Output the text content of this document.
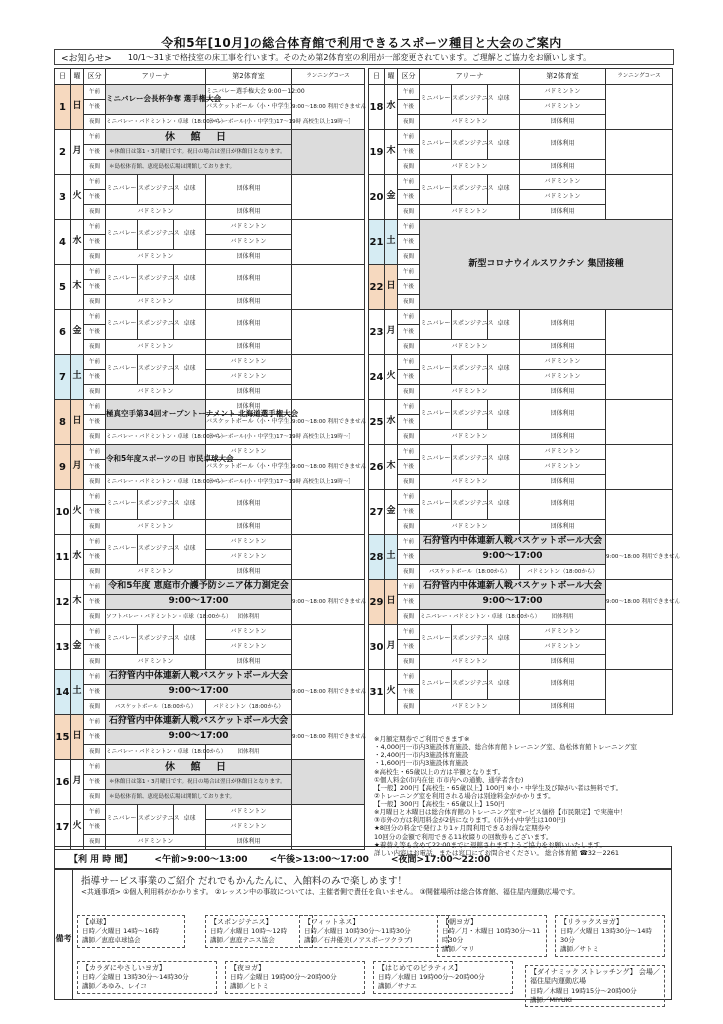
令和5年[10月]の総合体育館で利用できるスポーツ種目と大会のご案内
<お知らせ> 10/1～31まで格技室の床工事を行います。そのため第2体育室の利用が一部変更されています。ご理解とご協力をお願いします。
日	曜	区分	アリーナ			第2体育室	ランニングコース
1	日	午前	ミニバレー会長杯争奪 選手権大会			ミニバレー選手権大会 9:00～12:00	9:00～18:00 利用できません
		午後				バスケットボール（小・中学生）	
		夜間	ミニバレー・バドミントン・卓球（18:00から）			［バレーボール(小・中学生)17～19時 高校生以上19時～］	
2	月	午前	休 館 日				
		午後	＊休館日は第1・3月曜日です。祝日の場合は翌日が休館日となります。				
		夜間	＊島松体育館、恵庭島松広場は開館しております。				
3	火	午前	ミニバレー	スポンジテニス	卓球	団体利用	
		午後					
		夜間	バドミントン			団体利用	
4	水	午前	ミニバレー	スポンジテニス	卓球	バドミントン	
		午後				バドミントン	
		夜間	バドミントン			団体利用	
5	木	午前	ミニバレー	スポンジテニス	卓球	団体利用	
		午後					
		夜間	バドミントン			団体利用	
6	金	午前	ミニバレー	スポンジテニス	卓球	団体利用	
		午後					
		夜間	バドミントン			団体利用	
7	土	午前	ミニバレー	スポンジテニス	卓球	バドミントン	
		午後				バドミントン	
		夜間	バドミントン			団体利用	
8	日	午前	極真空手第34回オープントーナメント 北海道選手権大会			団体利用	9:00～18:00 利用できません
		午後				バスケットボール（小・中学生）	
		夜間	ミニバレー・バドミントン・卓球（18:00から）			［バレーボール(小・中学生)17～19時 高校生以上19時～］	
9	月	午前	令和5年度スポーツの日 市民卓球大会			バドミントン	9:00～18:00 利用できません
		午後				バスケットボール（小・中学生）	
		夜間	ミニバレー・バドミントン・卓球（18:00から）			［バレーボール(小・中学生)17～19時 高校生以上19時～］	
10	火	午前	ミニバレー	スポンジテニス	卓球	団体利用	
		午後					
		夜間	バドミントン			団体利用	
11	水	午前	ミニバレー	スポンジテニス	卓球	バドミントン	
		午後				バドミントン	
		夜間	バドミントン			団体利用	
12	木	午前	令和5年度 恵庭市介護予防シニア体力測定会				9:00～18:00 利用できません
		午後	9:00～17:00				
		夜間	ソフトバレー・バドミントン・卓球（18:00から）			団体利用	
13	金	午前	ミニバレー	スポンジテニス	卓球	バドミントン	
		午後				バドミントン	
		夜間	バドミントン			団体利用	
14	土	午前	石狩管内中体連新人戦バスケットボール大会				9:00～18:00 利用できません
		午後	9:00～17:00				
		夜間	バスケットボール（18:00から）			バドミントン（18:00から）	
15	日	午前	石狩管内中体連新人戦バスケットボール大会				9:00～18:00 利用できません
		午後	9:00～17:00				
		夜間	ミニバレー・バドミントン・卓球（18:00から）			団体利用	
16	月	午前	休 館 日				
		午後	＊休館日は第1・3月曜日です。祝日の場合は翌日が休館日となります。				
		夜間	＊島松体育館、恵庭島松広場は開館しております。				
17	火	午前	ミニバレー	スポンジテニス	卓球	バドミントン	
		午後				バドミントン	
		夜間	バドミントン			団体利用	
日	曜	区分	アリーナ			第2体育室	ランニングコース
18	水	午前	ミニバレー	スポンジテニス	卓球	バドミントン	
		午後				バドミントン	
		夜間	バドミントン			団体利用	
19	木	午前	ミニバレー	スポンジテニス	卓球	団体利用	
		午後					
		夜間	バドミントン			団体利用	
20	金	午前	ミニバレー	スポンジテニス	卓球	バドミントン	
		午後				バドミントン	
		夜間	バドミントン			団体利用	
21	土	午前	新型コロナウイルスワクチン 集団接種				
		午後					
		夜間					
22	日	午前					
		午後					
		夜間					
23	月	午前	ミニバレー	スポンジテニス	卓球	団体利用	
		午後					
		夜間	バドミントン			団体利用	
24	火	午前	ミニバレー	スポンジテニス	卓球	バドミントン	
		午後				バドミントン	
		夜間	バドミントン			団体利用	
25	水	午前	ミニバレー	スポンジテニス	卓球	団体利用	
		午後					
		夜間	バドミントン			団体利用	
26	木	午前	ミニバレー	スポンジテニス	卓球	バドミントン	
		午後				バドミントン	
		夜間	バドミントン			団体利用	
27	金	午前	ミニバレー	スポンジテニス	卓球	団体利用	
		午後					
		夜間	バドミントン			団体利用	
28	土	午前	石狩管内中体連新人戦バスケットボール大会				9:00～18:00 利用できません
		午後	9:00～17:00				
		夜間	バスケットボール（18:00から）			バドミントン（18:00から）	
29	日	午前	石狩管内中体連新人戦バスケットボール大会				9:00～18:00 利用できません
		午後	9:00～17:00				
		夜間	ミニバレー・バドミントン・卓球（18:00から）			団体利用	
30	月	午前	ミニバレー	スポンジテニス	卓球	バドミントン	
		午後				バドミントン	
		夜間	バドミントン			団体利用	
31	火	午前	ミニバレー	スポンジテニス	卓球	団体利用	
		午後					
		夜間	バドミントン			団体利用	
※月額定期券でご利用できます※
・4,000円一市内3施設体育施設、総合体育館トレーニング室、島松体育館トレーニング室
・2,400円一市内3施設体育施設
・1,600円一市内3施設体育施設
※高校生・65歳以上の方は半額となります。
①個人料金(市内在住 市市内への通勤、通学者含む)
【一般】200円【高校生・65歳以上】100円 ※小・中学生及び障がい者は無料です。
②トレーニング室を利用される場合は別途料金がかかります。
【一般】300円【高校生・65歳以上】150円
※月曜日と木曜日は総合体育館のトレーニング室サービス価格【市民限定】で実施中！
③市外の方は利用料金が2倍になります。(市外小/中学生は100円)
★8回分の料金で発行より1ヶ月間利用できるお得な定期券や
10回分の金額で利用できる11枚綴りの回数券もございます。
★着替え等も含めて22:00までに退館されますようご協力をお願いいたします。
詳しい内容はお電話、または窓口にてお問合せください。 総合体育館 ☎32－2261
【利 用 時 間】 <午前>9:00～13:00 <午後>13:00～17:00 <夜間>17:00～22:00
備考
指導サービス事業のご紹介 だれでもかんたんに、入館料のみで楽しめます！
<共通事項> ①個人利用料がかかります。 ②レッスン中の事故については、主催者側で責任を負いません。 ③開催場所は総合体育館、福住屋内運動広場です。
【卓球】
日時／火曜日 14時～16時
講師／恵庭卓球協会
【スポンジテニス】
日時／水曜日 10時～12時
講師／恵庭テニス協会
【フィットネス】
日時／水曜日 10時30分～11時30分
講師／石井優美(ノアスポーツクラブ)
【朝ヨガ】
日時／月・木曜日 10時30分～11時30分
講師／マリ
【リラックスヨガ】
日時／火曜日 13時30分～14時30分
講師／サトミ
【カラダにやさしいヨガ】
日時／金曜日 13時30分～14時30分
講師／あゆみ、レイコ
【夜ヨガ】
日時／金曜日 19時00分～20時00分
講師／ヒトミ
【はじめてのピラティス】
日時／水曜日 19時00分～20時00分
講師／サナエ
【ダイナミック ストレッチング】 会場／福住屋内運動広場
日時／木曜日 19時15分～20時00分
講師／MIYUKI
